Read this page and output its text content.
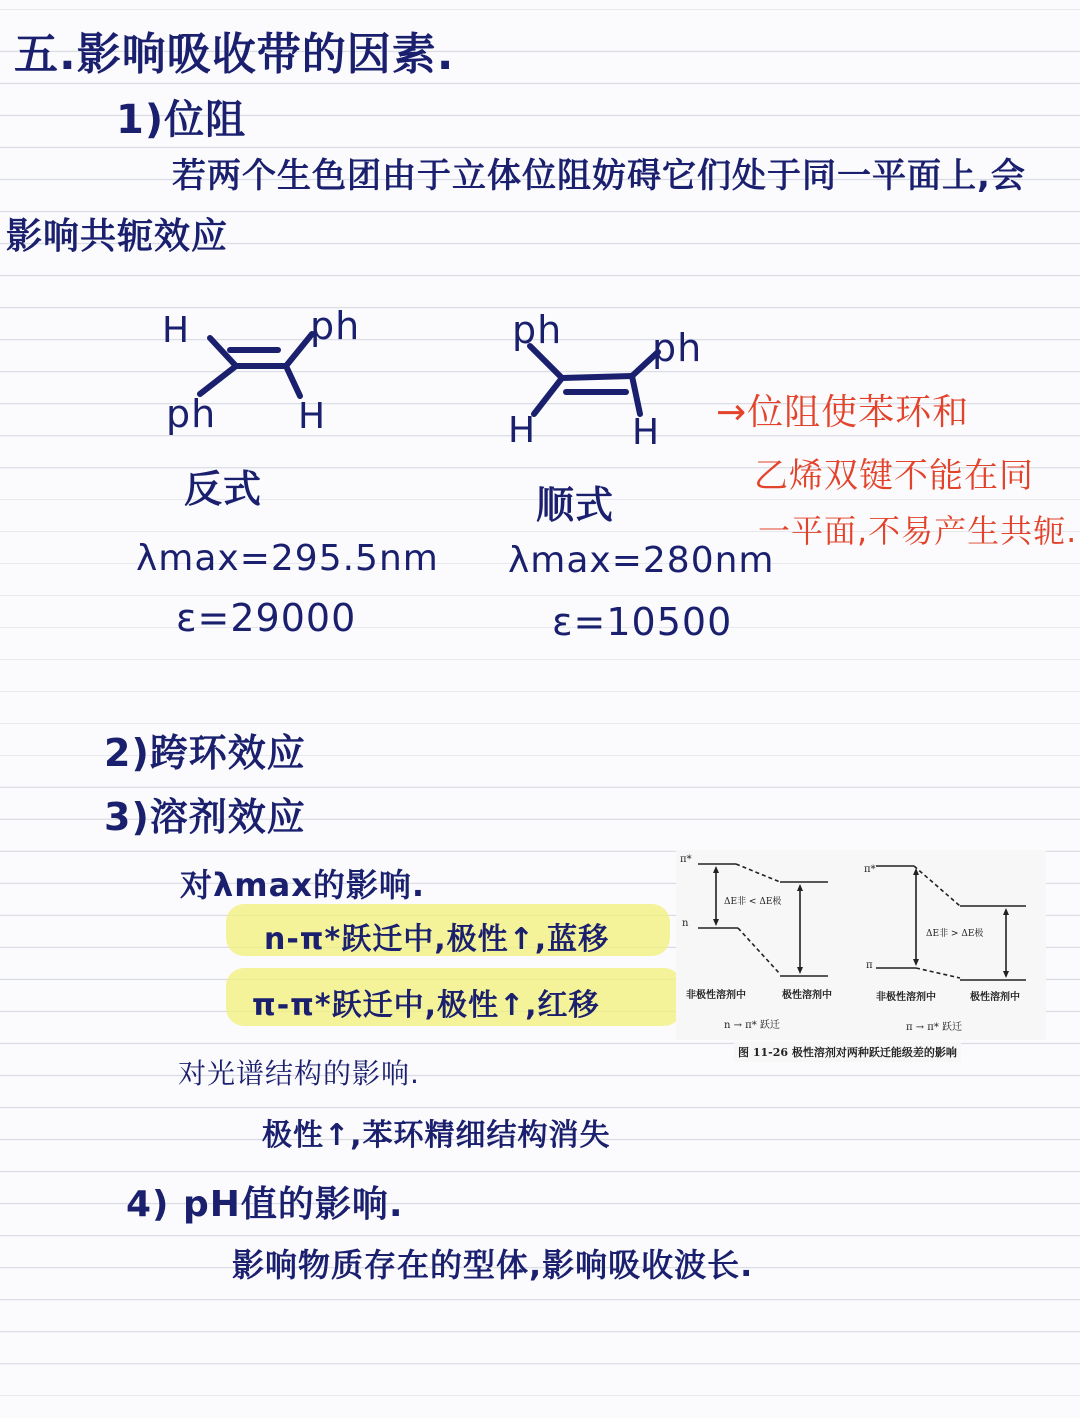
五.影响吸收带的因素.
1)位阻
若两个生色团由于立体位阻妨碍它们处于同一平面上,会
影响共轭效应
H	ph
ph H
反式
λmax=295.5nm
ε=29000
ph ph
H	H
顺式
λmax=280nm
ε=10500
→位阻使苯环和
乙烯双键不能在同
一平面,不易产生共轭.
2)跨环效应
3)溶剂效应
对λmax的影响.
n-π*跃迁中,极性↑,蓝移
π-π*跃迁中,极性↑,红移
对光谱结构的影响.
极性↑,苯环精细结构消失
π*
n
ΔE非 < ΔE极
π*
π
ΔE非 > ΔE极
非极性溶剂中	极性溶剂中	非极性溶剂中	极性溶剂中
n → π* 跃迁	π → π* 跃迁
图 11-26 极性溶剂对两种跃迁能级差的影响
4) pH值的影响.
影响物质存在的型体,影响吸收波长.
